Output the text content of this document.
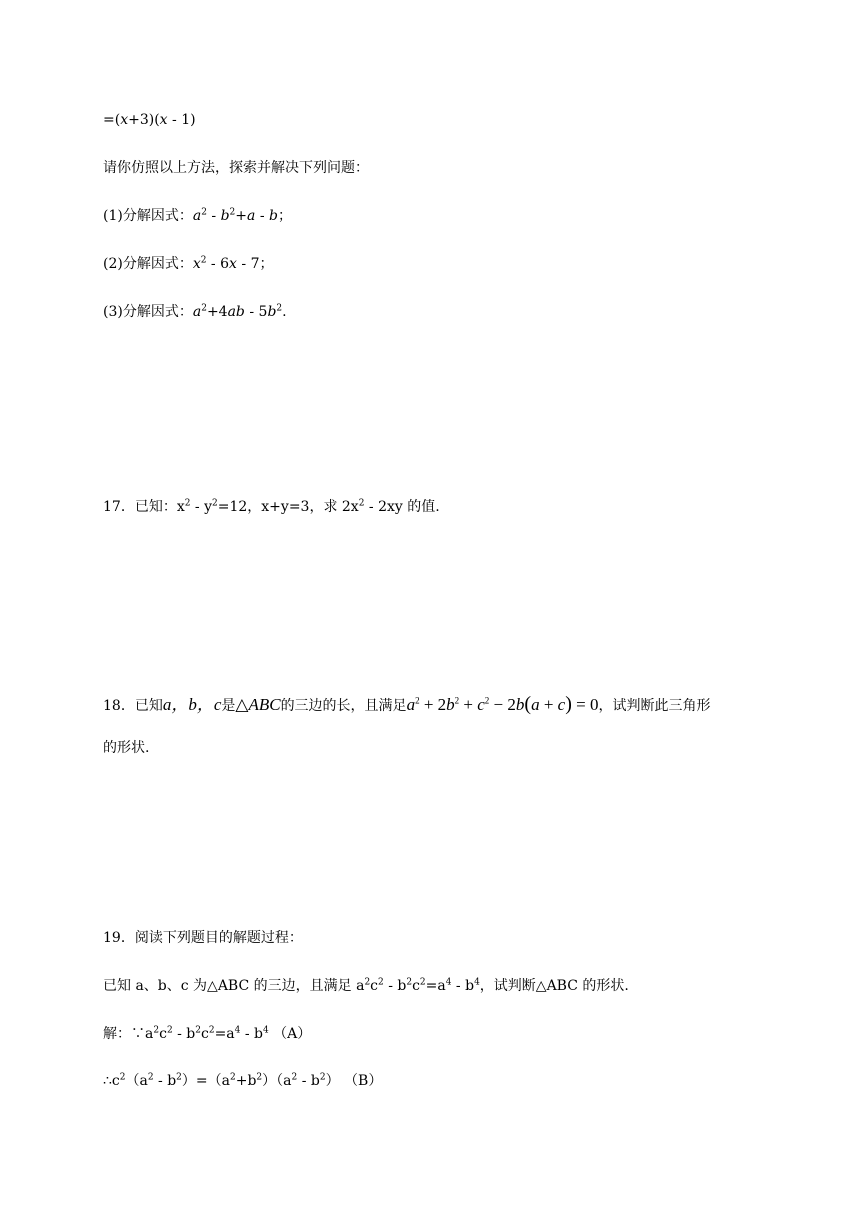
=(x+3)(x - 1)
请你仿照以上方法，探索并解决下列问题：
(1)分解因式：$a^2 - b^2+a - b$；
(2)分解因式：$x^2 - 6x - 7$；
(3)分解因式：$a^2+4ab - 5b^2$.
17．已知：$x^2 - y^2=12$，x+y=3，求 $2x^2 - 2xy$ 的值.
18．已知a，b，c是△ABC的三边的长，且满足$a^2 + 2b^2 + c^2 - 2b(a + c) = 0$，试判断此三角形
的形状.
19．阅读下列题目的解题过程：
已知 a、b、c 为△ABC 的三边，且满足 $a^2c^2 - b^2c^2=a^4 - b^4$，试判断△ABC 的形状.
解：$\because a^2c^2 - b^2c^2=a^4 - b^4$ （A）
$\therefore c^2(a^2 - b^2)=(a^2+b^2)(a^2 - b^2)$ （B）
